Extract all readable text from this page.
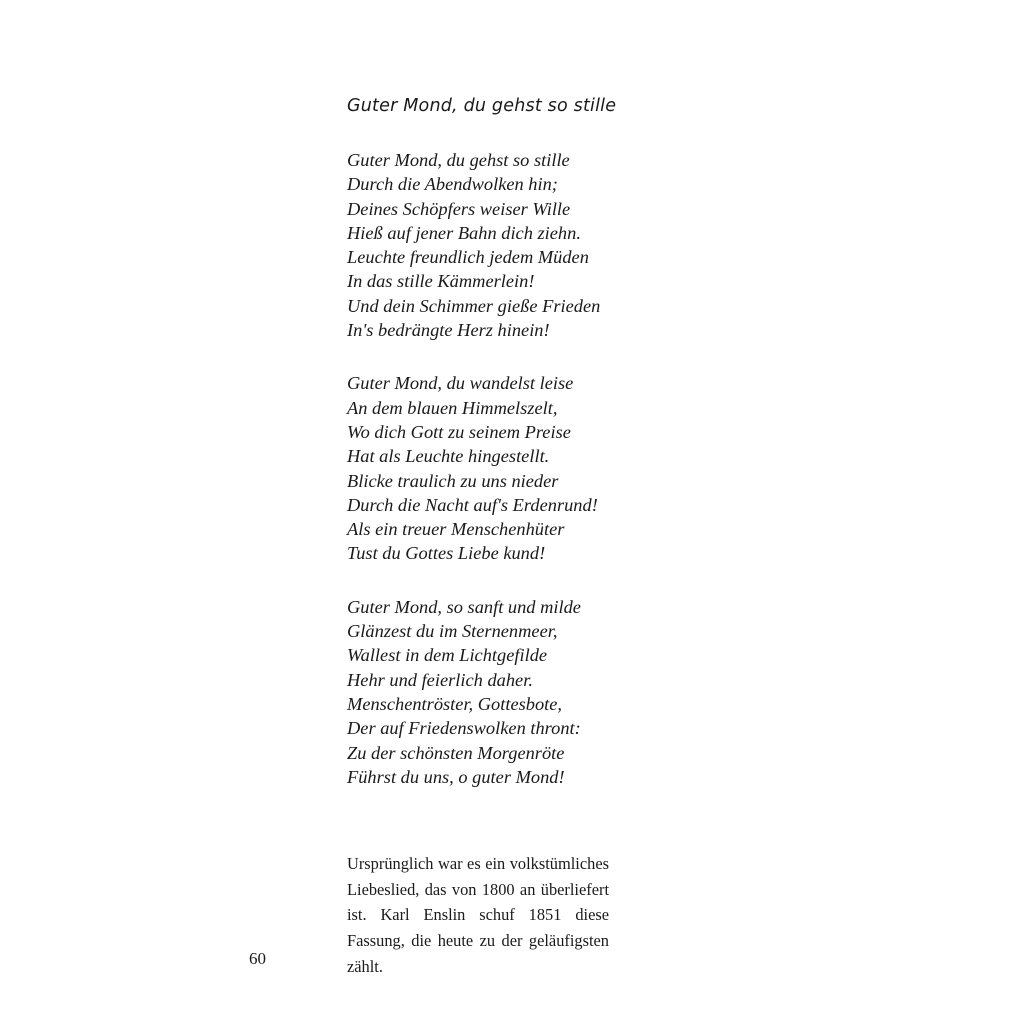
Guter Mond, du gehst so stille
Guter Mond, du gehst so stille
Durch die Abendwolken hin;
Deines Schöpfers weiser Wille
Hieß auf jener Bahn dich ziehn.
Leuchte freundlich jedem Müden
In das stille Kämmerlein!
Und dein Schimmer gieße Frieden
In's bedrängte Herz hinein!
Guter Mond, du wandelst leise
An dem blauen Himmelszelt,
Wo dich Gott zu seinem Preise
Hat als Leuchte hingestellt.
Blicke traulich zu uns nieder
Durch die Nacht auf's Erdenrund!
Als ein treuer Menschenhüter
Tust du Gottes Liebe kund!
Guter Mond, so sanft und milde
Glänzest du im Sternenmeer,
Wallest in dem Lichtgefilde
Hehr und feierlich daher.
Menschentröster, Gottesbote,
Der auf Friedenswolken thront:
Zu der schönsten Morgenröte
Führst du uns, o guter Mond!

Ursprünglich war es ein volkstümliches Liebeslied, das von 1800 an überliefert ist. Karl Enslin schuf 1851 diese Fassung, die heute zu der geläufigsten zählt.

60
